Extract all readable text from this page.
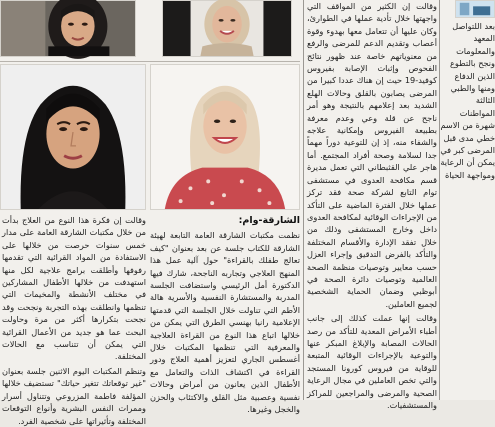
الشارقة-وام:

نظمت مكتبات الشارقة العامة التابعة لهيئة الشارقة للكتاب جلسة عن بعد بعنوان "كيف تعالج طفلك بالقراءة" حول آلية عمل هذا المنهج العلاجي وتجاربه الناجحة، شارك فيها الدكتورة أمل الرئيسي واستضافت الجلسة المدربة والمستشارة النفسية والأسرية هالة الأطم التي تناولت خلال الجلسة التي قدمتها الإعلامية رانيا بهنسي الطرق التي يمكن من خلالها اتباع هذا النوع من القراءة العلاجية والمعرفية التي تنظمها المكتبات خلال أغسطس الجاري لتعزيز أهمية العلاج ودور القراءة في اكتشاف الذات والتعامل مع الأطفال الذين يعانون من أمراض وحالات نفسية وعصبية مثل القلق والاكتئاب والحزن والخجل وغيرها.

وقالت إن فكرة هذا النوع من العلاج بدأت من خلال مكتبات الشارقة العامة على مدار خمس سنوات حرصت من خلالها على الاستفادة من المواد القرائية التي تقدمها رفوفها وأطلقت برامج علاجية لكل منها استهدفت من خلالها الأطفال المشاركين في مختلف الأنشطة والمخيمات التي تنظمها وانطلقت بهذه التجربة ونجحت وقد نجحت بتكرارها أكثر من مرة وحاولت البحث عما هو جديد من الأعمال القرائية التي يمكن أن تتناسب مع الحالات المختلفة.

وتنظم المكتبات اليوم الاثنين جلسة بعنوان "غير توقعاتك تتغير حياتك" تستضيف خلالها المؤلفة فاطمة المزروعي وتتناول أسرار وممرات النفس البشرية وأنواع التوقعات المختلفة وتأثيراتها على شخصية الفرد.

وقالت إن الكثير من المواقف التي واجهتها خلال تأدية عملها في الطوارئ، وكان عليها أن تتعامل معها بهدوء وقوة أعصاب وتقديم الدعم للمرضى والرفع من معنوياتهم خاصة عند ظهور نتائج الفحوص وإثبات الإصابة بفيروس كوفيد-19 حيث إن هناك عددا كبيرا من المرضى يصابون بالقلق وحالات الهلع الشديد بعد إعلامهم بالنتيجة وهو أمر ناجح عن قلة وعي وعدم معرفة بطبيعة الفيروس وإمكانية علاجه والشفاء منه، إذ إن للتوعية دوراً مهماً جدا لسلامة وصحة أفراد المجتمع. أما هاجر علي القثبطاني التي تعمل مديرة قسم مكافحة العدوى في مستشفى توام التابع لشركة صحة فقد تركز عملها خلال الفترة الماضية على التأكد من الإجراءات الوقائية لمكافحة العدوى داخل وخارج المستشفى وذلك من خلال تفقد الإدارة والأقسام المختلفة والتأكد بالفرض التدقيق وإجراء العزل حسب معايير وتوصيات منظمة الصحة العالمية وتوصيات دائرة الصحة في أبوظبي وضمان الحماية الشخصية لجميع العاملين.

وقالت إنها عملت كذلك إلى جانب أطباء الأمراض المعدية للتأكد من رصد الحالات المصابة والإبلاغ المبكر عنها والتوعية بالإجراءات الوقائية المتبعة للوقاية من فيروس كورونا المستجد والتي تخص العاملين في مجال الرعاية الصحية والمرضى والمراجعين للمراكز والمستشفيات.

بعد اللتواصل المعهد والمعلومات ونجح بالتطوع الذين الدفاع ومنها والطبي الثالثة المواطنات شهرة من الاسم خطي مدى قبل المرضى كبر في يمكن أن الرعاية ومواجهة الحياة
